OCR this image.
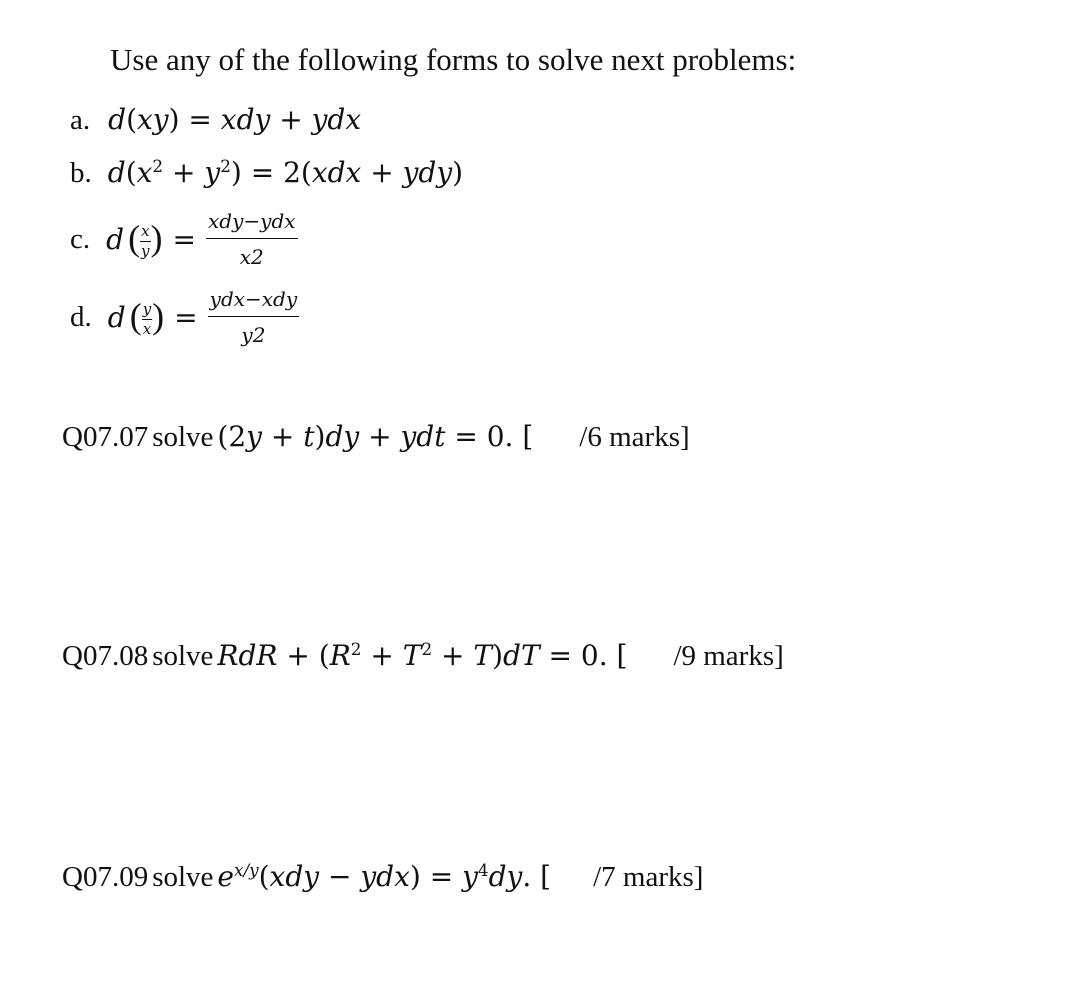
Use any of the following forms to solve next problems:
a. d(xy) = xdy + ydx
b. $d(x^2 + y^2) = 2(xdx + ydy)$
c. d ( $\frac{x}{y}$ ) = $\frac{\text{xdy−ydx}}{x2}$
d. d ( $\frac{y}{x}$ ) = $\frac{\text{ydx−xdy}}{y2}$
Q07.07 solve (2y + t)dy + ydt = 0. [ /6 marks]
Q07.08 solve RdR + $(R^2 + T^2 + T)dT = 0$. [ /9 marks]
Q07.09 solve $e^{x/y}(xdy - ydx) = y^4dy$. [ /7 marks]
